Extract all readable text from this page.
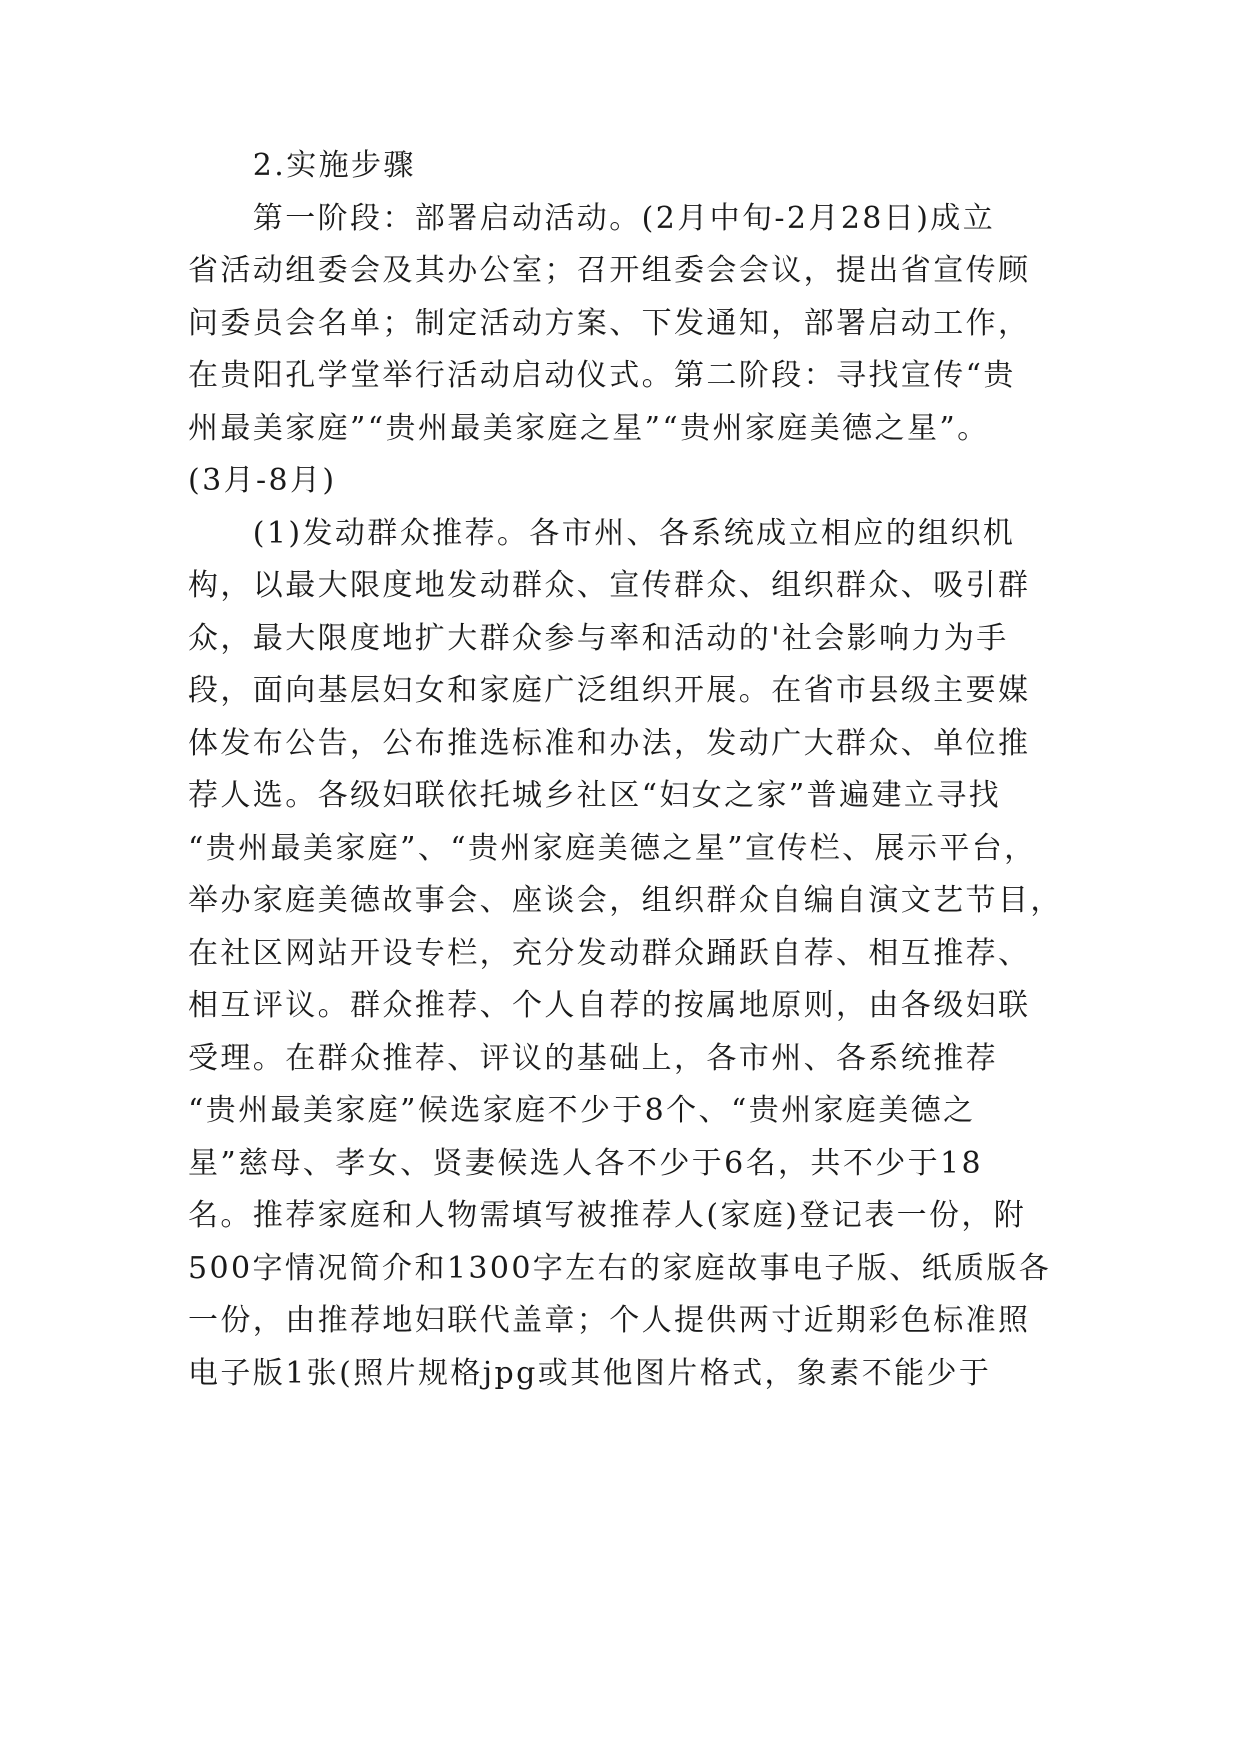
　　2.实施步骤
　　第一阶段：部署启动活动。(2月中旬-2月28日)成立
省活动组委会及其办公室；召开组委会会议，提出省宣传顾
问委员会名单；制定活动方案、下发通知，部署启动工作，
在贵阳孔学堂举行活动启动仪式。第二阶段：寻找宣传“贵
州最美家庭”“贵州最美家庭之星”“贵州家庭美德之星”。
(3月-8月)
　　(1)发动群众推荐。各市州、各系统成立相应的组织机
构，以最大限度地发动群众、宣传群众、组织群众、吸引群
众，最大限度地扩大群众参与率和活动的'社会影响力为手
段，面向基层妇女和家庭广泛组织开展。在省市县级主要媒
体发布公告，公布推选标准和办法，发动广大群众、单位推
荐人选。各级妇联依托城乡社区“妇女之家”普遍建立寻找
“贵州最美家庭”、“贵州家庭美德之星”宣传栏、展示平台，
举办家庭美德故事会、座谈会，组织群众自编自演文艺节目，
在社区网站开设专栏，充分发动群众踊跃自荐、相互推荐、
相互评议。群众推荐、个人自荐的按属地原则，由各级妇联
受理。在群众推荐、评议的基础上，各市州、各系统推荐
“贵州最美家庭”候选家庭不少于8个、“贵州家庭美德之
星”慈母、孝女、贤妻候选人各不少于6名，共不少于18
名。推荐家庭和人物需填写被推荐人(家庭)登记表一份，附
500字情况简介和1300字左右的家庭故事电子版、纸质版各
一份，由推荐地妇联代盖章；个人提供两寸近期彩色标准照
电子版1张(照片规格jpg或其他图片格式，象素不能少于
